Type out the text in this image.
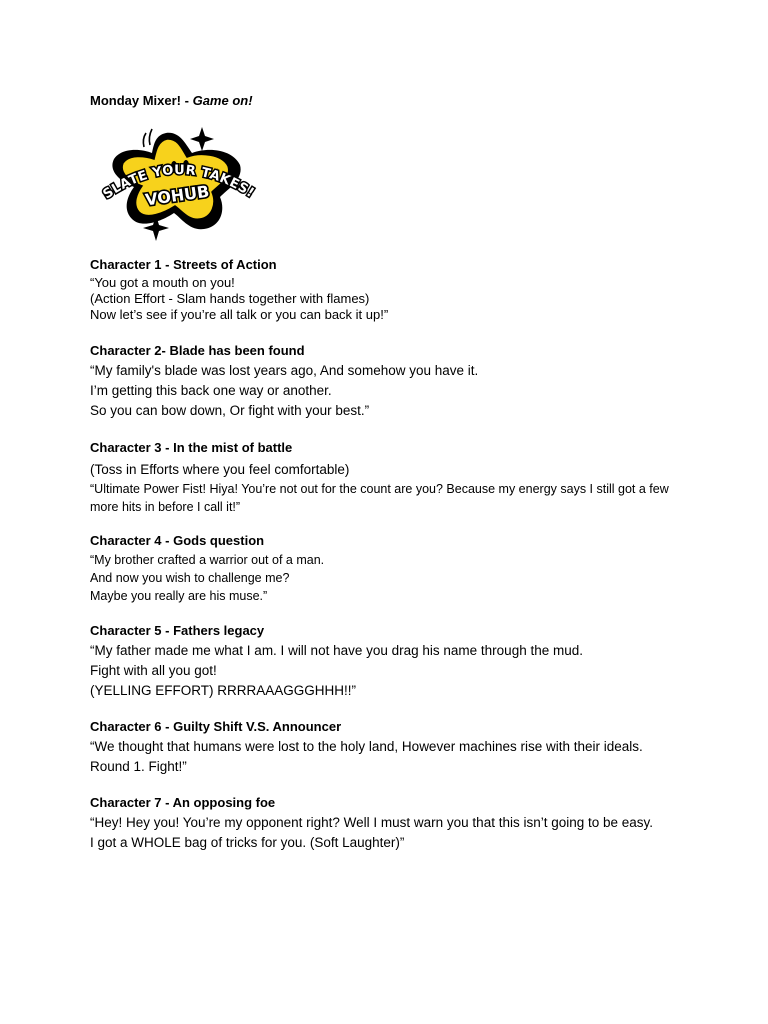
Monday Mixer! - Game on!

SLATE YOUR TAKES!
VOHUB

Character 1 - Streets of Action

“You got a mouth on you!

(Action Effort - Slam hands together with flames)

Now let’s see if you’re all talk or you can back it up!”

Character 2- Blade has been found

“My family's blade was lost years ago, And somehow you have it.

I’m getting this back one way or another.

So you can bow down, Or fight with your best.”

Character 3 - In the mist of battle

(Toss in Efforts where you feel comfortable)

“Ultimate Power Fist! Hiya! You’re not out for the count are you? Because my energy says I still got a few more hits in before I call it!”

Character 4 - Gods question

“My brother crafted a warrior out of a man.

And now you wish to challenge me?

Maybe you really are his muse.”

Character 5 - Fathers legacy

“My father made me what I am. I will not have you drag his name through the mud.

Fight with all you got!

(YELLING EFFORT) RRRRAAAGGGHHH!!”

Character 6 - Guilty Shift V.S. Announcer

“We thought that humans were lost to the holy land, However machines rise with their ideals.

Round 1. Fight!”

Character 7 - An opposing foe

“Hey! Hey you! You’re my opponent right? Well I must warn you that this isn’t going to be easy.

I got a WHOLE bag of tricks for you. (Soft Laughter)”
